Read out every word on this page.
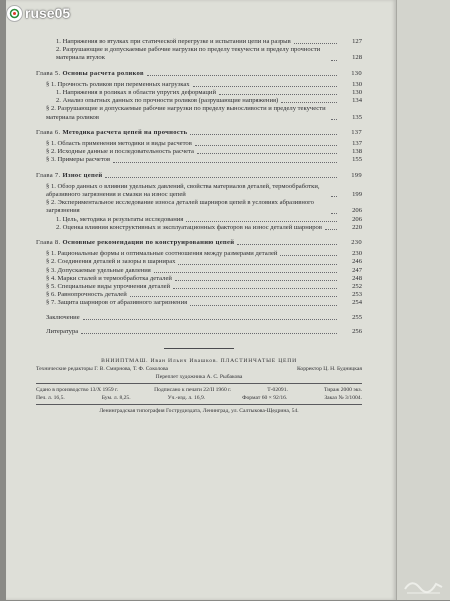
1. Напряжения во втулках при статической перегрузке и испытании цепи на разрыв	127
2. Разрушающие и допускаемые рабочие нагрузки по пределу текучести и пределу прочности материала втулок	128
Глава 5. Основы расчета роликов	130
§ 1. Прочность роликов при переменных нагрузках	130
1. Напряжения в роликах в области упругих деформаций	130
2. Анализ опытных данных по прочности роликов (разрушающие напряжения)	134
§ 2. Разрушающие и допускаемые рабочие нагрузки по пределу выносливости и пределу текучести материала роликов	135
Глава 6. Методика расчета цепей на прочность	137
§ 1. Область применения методики и виды расчетов	137
§ 2. Исходные данные и последовательность расчета	138
§ 3. Примеры расчетов	155
Глава 7. Износ цепей	199
§ 1. Обзор данных о влиянии удельных давлений, свойства материалов деталей, термообработки, абразивного загрязнения и смазки на износ цепей	199
§ 2. Экспериментальное исследование износа деталей шарниров цепей в условиях абразивного загрязнения	206
1. Цель, методика и результаты исследования	206
2. Оценка влияния конструктивных и эксплуатационных факторов на износ деталей шарниров	220
Глава 8. Основные рекомендации по конструированию цепей	230
§ 1. Рациональные формы и оптимальные соотношения между размерами деталей	230
§ 2. Соединения деталей и зазоры в шарнирах	246
§ 3. Допускаемые удельные давления	247
§ 4. Марки сталей и термообработка деталей	248
§ 5. Специальные виды упрочнения деталей	252
§ 6. Равнопрочность деталей	253
§ 7. Защита шарниров от абразивного загрязнения	254
Заключение	255
Литература	256
ВНИИПТМАШ. Иван Ильич Ивашков. ПЛАСТИНЧАТЫЕ ЦЕПИ
Технические редакторы Г. В. Смирнова, Т. Ф. Соколова	Корректор Ц. Н. Будницкая
Переплет художника А. С. Рыбакова
Сдано в производство 13/X 1959 г.	Подписано к печати 22/II 1960 г.	Т-02091.	Тираж 2000 экз.
Печ. л. 16,5.	Бум. л. 8,25.	Уч.-изд. л. 16,9.	Формат 60 × 92/16.	Заказ № 3/1004.
Ленинградская типография Гострудиздата, Ленинград, ул. Салтыкова-Щедрина, 54.
ruse05
